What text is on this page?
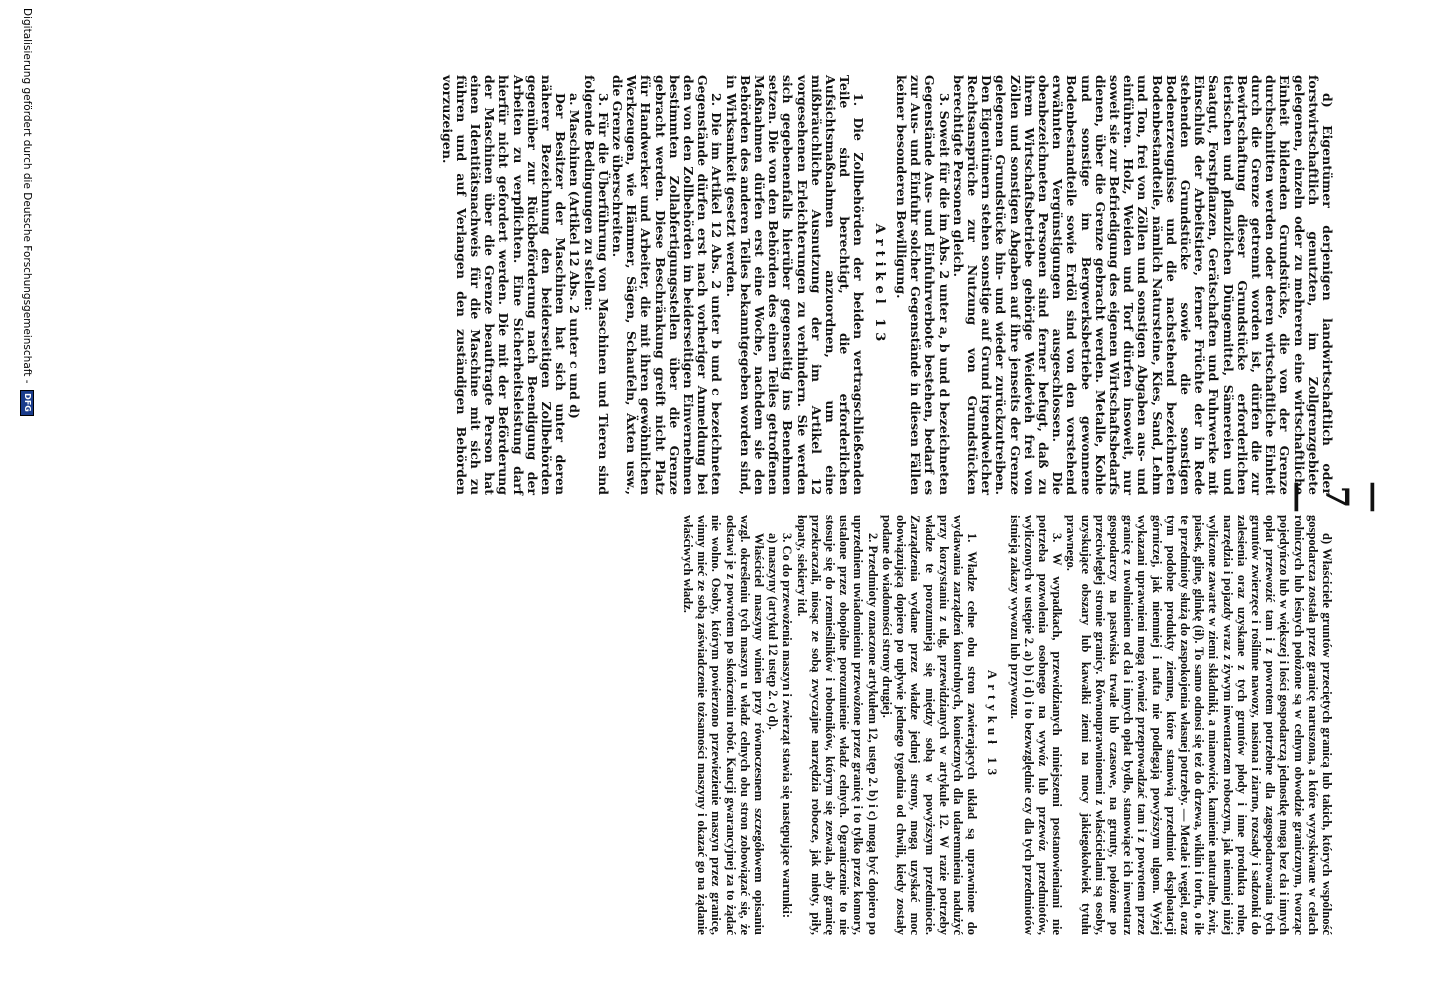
— 7 —

d) Eigentümer derjenigen landwirtschaftlich oder forstwirtschaftlich genutzten, im Zollgrenzgebiete gelegenen, einzeln oder zu mehreren eine wirtschaftliche Einheit bildenden Grundstücke, die von der Grenze durchschnitten werden oder deren wirtschaftliche Einheit durch die Grenze getrennt worden ist, dürfen die zur Bewirtschaftung dieser Grundstücke erforderlichen tierischen und pflanzlichen Düngemittel, Sämereien und Saatgut, Forstpflanzen, Gerätschaften und Fuhrwerke mit Einschluß der Arbeitstiere, ferner Früchte der in Rede stehenden Grundstücke sowie die sonstigen Bodenerzeugnisse und die nachstehend bezeichneten Bodenbestandteile, nämlich Natursteine, Kies, Sand, Lehm und Ton, frei von Zöllen und sonstigen Abgaben aus- und einführen. Holz, Weiden und Torf dürfen insoweit, nur soweit sie zur Befriedigung des eigenen Wirtschaftsbedarfs dienen, über die Grenze gebracht werden. Metalle, Kohle und sonstige im Bergwerksbetriebe gewonnene Bodenbestandteile sowie Erdöl sind von den vorstehend erwähnten Vergünstigungen ausgeschlossen. Die obenbezeichneten Personen sind ferner befugt, daß zu ihrem Wirtschaftsbetriebe gehörige Weidevieh frei von Zöllen und sonstigen Abgaben auf ihre jenseits der Grenze gelegenen Grundstücke hin- und wieder zurückzutreiben. Den Eigentümern stehen sonstige auf Grund irgendwelcher Rechtsansprüche zur Nutzung von Grundstücken berechtigte Personen gleich.

3. Soweit für die im Abs. 2 unter a, b und d bezeichneten Gegenstände Aus- und Einfuhrverbote bestehen, bedarf es zur Aus- und Einfuhr solcher Gegenstände in diesen Fällen keiner besonderen Bewilligung.

Artikel 13

1. Die Zollbehörden der beiden vertragschließenden Teile sind berechtigt, die erforderlichen Aufsichtsmaßnahmen anzuordnen, um eine mißbräuchliche Ausnutzung der im Artikel 12 vorgesehenen Erleichterungen zu verhindern. Sie werden sich gegebenenfalls hierüber gegenseitig ins Benehmen setzen. Die von den Behörden des einen Teiles getroffenen Maßnahmen dürfen erst eine Woche, nachdem sie den Behörden des anderen Teiles bekanntgegeben worden sind, in Wirksamkeit gesetzt werden.

2. Die im Artikel 12 Abs. 2 unter b und c bezeichneten Gegenstände dürfen erst nach vorheriger Anmeldung bei den von den Zollbehörden im beiderseitigen Einvernehmen bestimmten Zollabfertigungsstellen über die Grenze gebracht werden. Diese Beschränkung greift nicht Platz für Handwerker und Arbeiter, die mit ihren gewöhnlichen Werkzeugen, wie Hämmer, Sägen, Schaufeln, Äxten usw., die Grenze überschreiten.

3. Für die Überführung von Maschinen und Tieren sind folgende Bedingungen zu stellen:

a. Maschinen (Artikel 12 Abs. 2 unter c und d)

Der Besitzer der Maschinen hat sich unter deren näherer Bezeichnung den beiderseitigen Zollbehörden gegenüber zur Rückbeförderung nach Beendigung der Arbeiten zu verpflichten. Eine Sicherheitsleistung darf hierfür nicht gefordert werden. Die mit der Beförderung der Maschinen über die Grenze beauftragte Person hat einen Identitätsnachweis für die Maschine mit sich zu führen und auf Verlangen den zuständigen Behörden vorzuzeigen.

d) Właściciele gruntów przeciętych granicą lub takich, których wspólność gospodarcza została przez granicę naruszona, a które wyzyskiwane w celach rolniczych lub leśnych położone są w celnym obwodzie granicznym, tworząc pojedyńczo lub w większej i lości gospodarczą jednostkę mogą bez cła i innych opłat przewozić tam i z powrotem potrzebne dla zagospodarowania tych gruntów zwierzęce i roślinne nawozy, nasiona i ziarno, rozsady i sadzonki do zalesienia oraz uzyskane z tych gruntów płody i inne produkta rolne, narzędzia i pojazdy wraz z żywym inwentarzem roboczym, jak niemniej niżej wyliczone zawarte w ziemi składniki, a mianowicie, kamienie naturalne, żwir, piasek, glinę, glinkę (ił). To samo odnosi się też do drzewa, wiklin i torfu, o ile te przedmioty służą do zaspokojenia własnej potrzeby. — Metale i węgiel, oraz tym podobne produkty ziemne, które stanowią przedmiot eksploatacji górniczej, jak niemniej i nafta nie podlegają powyższym ulgom. Wyżej wykazani uprawnieni mogą również przeprowadzać tam i z powrotem przez granicę z uwolnieniem od cła i innych opłat bydło, stanowiące ich inwentarz gospodarczy na pastwiska trwale lub czasowe, na grunty, położone po przeciwległej stronie granicy. Równouprawnionemi z właścicielami są osoby, uzyskujące obszary lub kawałki ziemi na mocy jakiegokolwiek tytułu prawnego.

3. W wypadkach, przewidzianych niniejszemi postanowieniami nie potrzeba pozwolenia osobnego na wywóz lub przewóz przedmiotów, wyliczonych w ustępie 2. a) b) i d) i to bezwzględnie czy dla tych przedmiotów istnieją zakazy wywozu lub przywozu.

Artykuł 13

1. Władze celne obu stron zawierających układ są uprawnione do wydawania zarządzeń kontrolnych, koniecznych dla udaremnienia nadużyć przy korzystaniu z ulg, przewidzianych w artykule 12. W razie potrzeby władze te porozumieją się między sobą w powyższym przedmiocie. Zarządzenia wydane przez władze jednej strony, mogą uzyskać moc obowiązującą dopiero po upływie jednego tygodnia od chwili, kiedy zostały podane do wiadomości strony drugiej.

2. Przedmioty oznaczone artykułem 12, ustęp 2. b) i c) mogą być dopiero po uprzedniem uwiadomieniu przewożone przez granicę i to tylko przez komory, ustalone przez obopólne porozumienie władz celnych. Ograniczenie to nie stosuje się do rzemieślników i robotników, którym się zezwala, aby granicę przekraczali, niosąc ze sobą zwyczajne narzędzia robocze, jak młoty, piły, łopaty, siekiery itd.

3. Co do przewożenia maszyn i zwierząt stawia się następujące warunki:

a) maszyny (artykuł 12 ustęp 2. c) d).

Właściciel maszyny winien przy równoczesnem szczegółowem opisaniu wzgl. określeniu tych maszyn u władz celnych obu stron zobowiązać się, że odstawi je z powrotem po skończeniu robót. Kaucji gwarancyjnej za to żądać nie wolno. Osoby, którym powierzono przewiezienie maszyn przez granicę, winny mieć ze sobą zaświadczenie tożsamości maszyny i okazać go na żądanie właściwych władz.

Digitalisierung gefördert durch die Deutsche Forschungsgemeinschaft -
DFG
